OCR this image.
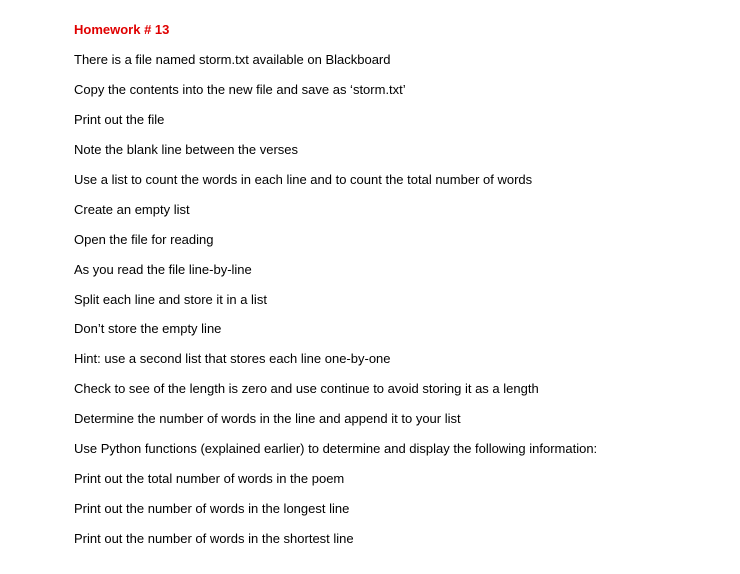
Homework # 13
There is a file named storm.txt available on Blackboard
Copy the contents into the new file and save as ‘storm.txt’
Print out the file
Note the blank line between the verses
Use a list to count the words in each line and to count the total number of words
Create an empty list
Open the file for reading
As you read the file line-by-line
Split each line and store it in a list
Don’t store the empty line
Hint: use a second list that stores each line one-by-one
Check to see of the length is zero and use continue to avoid storing it as a length
Determine the number of words in the line and append it to your list
Use Python functions (explained earlier) to determine and display the following information:
Print out the total number of words in the poem
Print out the number of words in the longest line
Print out the number of words in the shortest line
